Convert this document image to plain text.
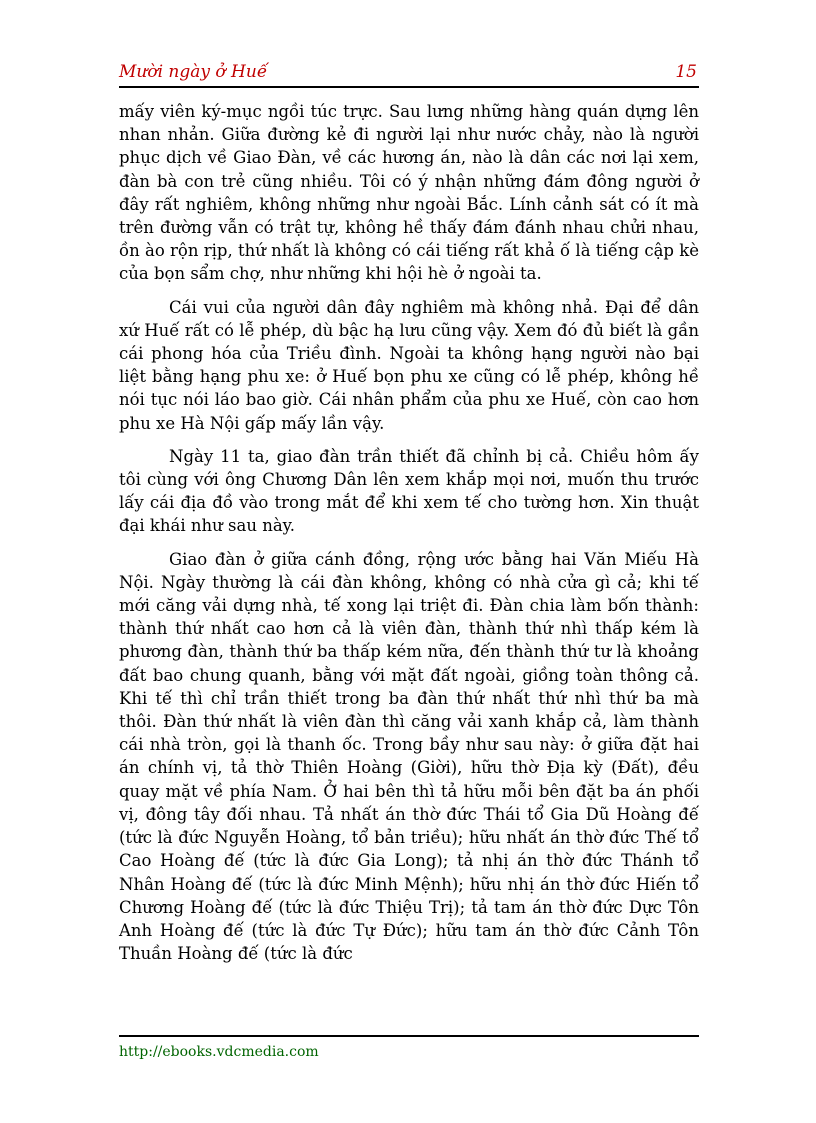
Mười ngày ở Huế	15

mấy viên ký-mục ngồi túc trực. Sau lưng những hàng quán dựng lên nhan nhản. Giữa đường kẻ đi người lại như nước chảy, nào là người phục dịch về Giao Đàn, về các hương án, nào là dân các nơi lại xem, đàn bà con trẻ cũng nhiều. Tôi có ý nhận những đám đông người ở đây rất nghiêm, không những như ngoài Bắc. Lính cảnh sát có ít mà trên đường vẫn có trật tự, không hề thấy đám đánh nhau chửi nhau, ồn ào rộn rịp, thứ nhất là không có cái tiếng rất khả ố là tiếng cập kè của bọn sẩm chợ, như những khi hội hè ở ngoài ta.

Cái vui của người dân đây nghiêm mà không nhả. Đại để dân xứ Huế rất có lễ phép, dù bậc hạ lưu cũng vậy. Xem đó đủ biết là gần cái phong hóa của Triều đình. Ngoài ta không hạng người nào bại liệt bằng hạng phu xe: ở Huế bọn phu xe cũng có lễ phép, không hề nói tục nói láo bao giờ. Cái nhân phẩm của phu xe Huế, còn cao hơn phu xe Hà Nội gấp mấy lần vậy.

Ngày 11 ta, giao đàn trần thiết đã chỉnh bị cả. Chiều hôm ấy tôi cùng với ông Chương Dân lên xem khắp mọi nơi, muốn thu trước lấy cái địa đồ vào trong mắt để khi xem tế cho tường hơn. Xin thuật đại khái như sau này.

Giao đàn ở giữa cánh đồng, rộng ước bằng hai Văn Miếu Hà Nội. Ngày thường là cái đàn không, không có nhà cửa gì cả; khi tế mới căng vải dựng nhà, tế xong lại triệt đi. Đàn chia làm bốn thành: thành thứ nhất cao hơn cả là viên đàn, thành thứ nhì thấp kém là phương đàn, thành thứ ba thấp kém nữa, đến thành thứ tư là khoảng đất bao chung quanh, bằng với mặt đất ngoài, giồng toàn thông cả. Khi tế thì chỉ trần thiết trong ba đàn thứ nhất thứ nhì thứ ba mà thôi. Đàn thứ nhất là viên đàn thì căng vải xanh khắp cả, làm thành cái nhà tròn, gọi là thanh ốc. Trong bầy như sau này: ở giữa đặt hai án chính vị, tả thờ Thiên Hoàng (Giời), hữu thờ Địa kỳ (Đất), đều quay mặt về phía Nam. Ở hai bên thì tả hữu mỗi bên đặt ba án phối vị, đông tây đối nhau. Tả nhất án thờ đức Thái tổ Gia Dũ Hoàng đế (tức là đức Nguyễn Hoàng, tổ bản triều); hữu nhất án thờ đức Thế tổ Cao Hoàng đế (tức là đức Gia Long); tả nhị án thờ đức Thánh tổ Nhân Hoàng đế (tức là đức Minh Mệnh); hữu nhị án thờ đức Hiến tổ Chương Hoàng đế (tức là đức Thiệu Trị); tả tam án thờ đức Dực Tôn Anh Hoàng đế (tức là đức Tự Đức); hữu tam án thờ đức Cảnh Tôn Thuần Hoàng đế (tức là đức

http://ebooks.vdcmedia.com
